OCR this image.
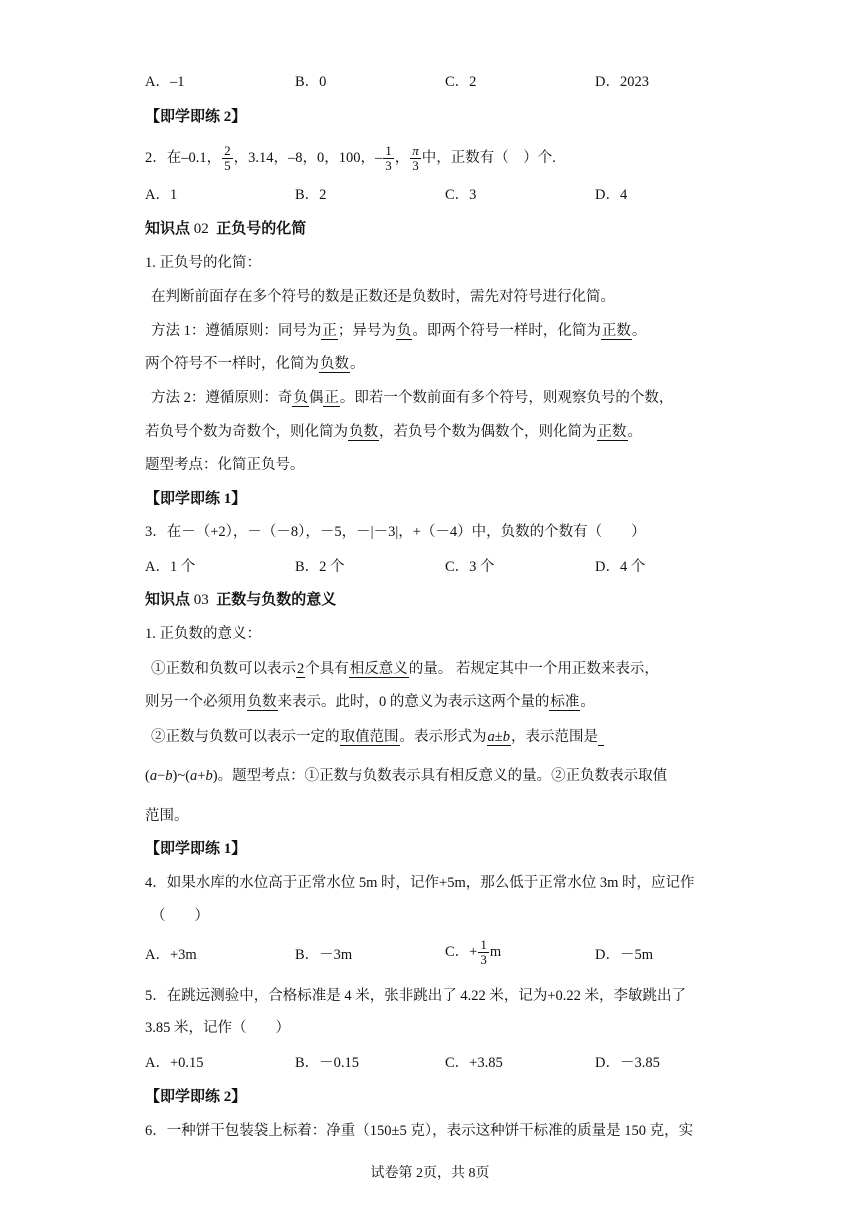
A．–1	B．0	C．2	D．2023
【即学即练 2】
2．在–0.1， $\frac{2}{5}$ ，3.14，–8，0，100，– $\frac{1}{3}$ ， $\frac{\pi}{3}$ 中，正数有（　）个.
A．1	B．2	C．3	D．4
知识点 02 正负号的化简
1. 正负号的化简：
在判断前面存在多个符号的数是正数还是负数时，需先对符号进行化简。
方法 1：遵循原则：同号为正；异号为负。即两个符号一样时，化简为正数。
两个符号不一样时，化简为负数。
方法 2：遵循原则：奇负偶正。即若一个数前面有多个符号，则观察负号的个数，
若负号个数为奇数个，则化简为负数，若负号个数为偶数个，则化简为正数。
题型考点：化简正负号。
【即学即练 1】
3．在－（+2），－（－8），－5，－|－3|，+（－4）中，负数的个数有（　　）
A．1 个	B．2 个	C．3 个	D．4 个
知识点 03 正数与负数的意义
1. 正负数的意义：
①正数和负数可以表示2个具有相反意义的量。 若规定其中一个用正数来表示，
则另一个必须用负数来表示。此时，0 的意义为表示这两个量的标准。
②正数与负数可以表示一定的取值范围。表示形式为a±b，表示范围是
(a−b)~(a+b)。题型考点：①正数与负数表示具有相反意义的量。②正负数表示取值
范围。
【即学即练 1】
4．如果水库的水位高于正常水位 5m 时，记作+5m，那么低于正常水位 3m 时，应记作
（　　）
A．+3m	B．－3m	C．+ $\frac{1}{3}$ m	D．－5m
5．在跳远测验中，合格标准是 4 米，张非跳出了 4.22 米，记为+0.22 米，李敏跳出了
3.85 米，记作（　　）
A．+0.15	B．－0.15	C．+3.85	D．－3.85
【即学即练 2】
6．一种饼干包装袋上标着：净重（150±5 克），表示这种饼干标准的质量是 150 克，实
试卷第 2页，共 8页
